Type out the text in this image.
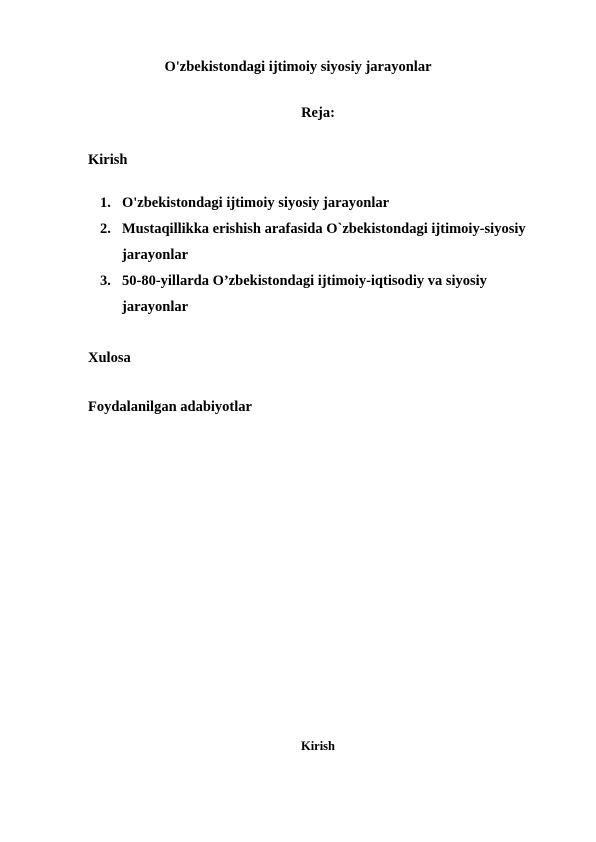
O'zbekistondagi ijtimoiy siyosiy jarayonlar
Reja:
Kirish
1. O'zbekistondagi ijtimoiy siyosiy jarayonlar
2. Mustaqillikka erishish arafasida O`zbekistondagi ijtimoiy-siyosiy jarayonlar
3. 50-80-yillarda O’zbekistondagi ijtimoiy-iqtisodiy va siyosiy jarayonlar
Xulosa
Foydalanilgan adabiyotlar
Kirish
